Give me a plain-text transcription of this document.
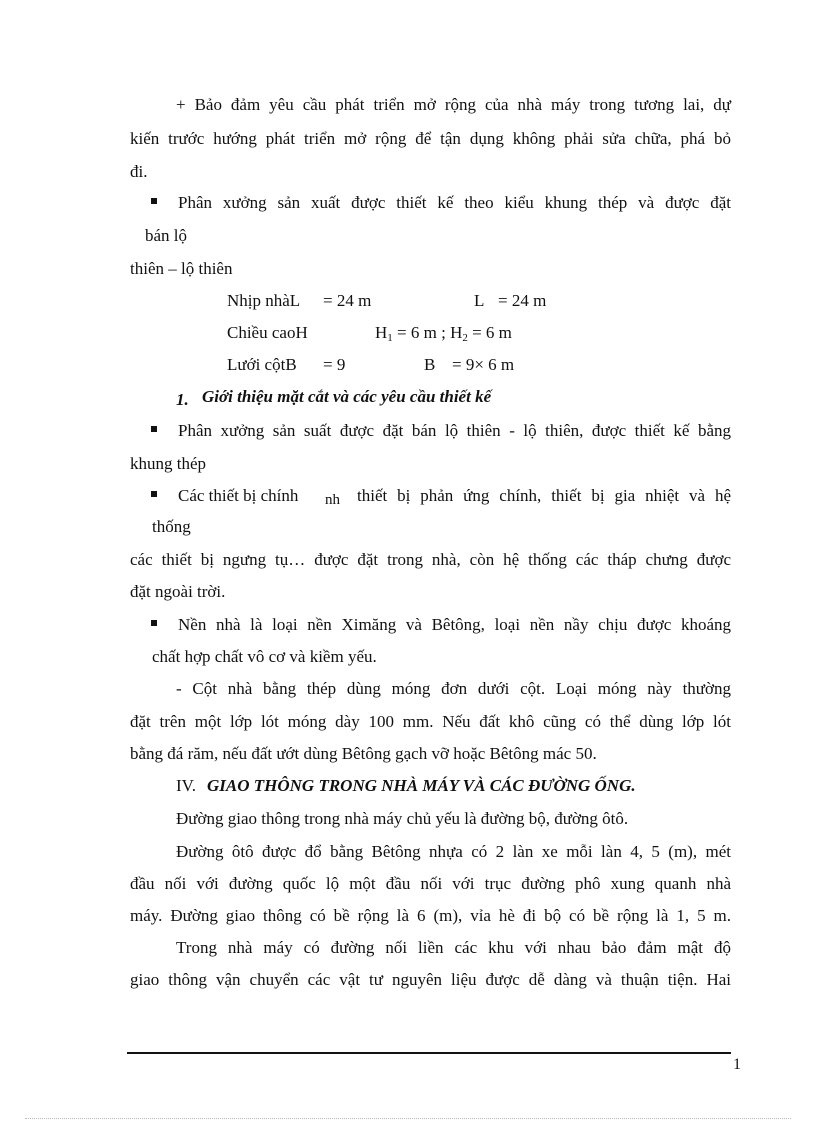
+ Bảo đảm yêu cầu phát triển mở rộng của nhà máy trong tương lai, dự
kiến trước hướng phát triển mở rộng để tận dụng không phải sửa chữa, phá bỏ
đi.
Phân xưởng sản xuất được thiết kế theo kiểu khung thép và được đặt
bán lộ
thiên – lộ thiên
Nhịp nhàL = 24 m	L = 24 m
Chiều caoH	$H_1 = 6$ m ; $H_2 = 6$ m
Lưới cộtB = 9	B = 9× 6 m
1. Giới thiệu mặt cắt và các yêu cầu thiết kế
Phân xưởng sản suất được đặt bán lộ thiên - lộ thiên, được thiết kế bằng
khung thép
Các thiết bị chính nh thiết bị phản ứng chính, thiết bị gia nhiệt và hệ
thống
các thiết bị ngưng tụ… được đặt trong nhà, còn hệ thống các tháp chưng được
đặt ngoài trời.
Nền nhà là loại nền Ximăng và Bêtông, loại nền nầy chịu được khoáng
chất hợp chất vô cơ và kiềm yếu.
- Cột nhà bằng thép dùng móng đơn dưới cột. Loại móng này thường
đặt trên một lớp lót móng dày 100 mm. Nếu đất khô cũng có thể dùng lớp lót
bằng đá răm, nếu đất ướt dùng Bêtông gạch vỡ hoặc Bêtông mác 50.
IV. GIAO THÔNG TRONG NHÀ MÁY VÀ CÁC ĐƯỜNG ỐNG.
Đường giao thông trong nhà máy chủ yếu là đường bộ, đường ôtô.
Đường ôtô được đổ bằng Bêtông nhựa có 2 làn xe mỗi làn 4, 5 (m), mét
đầu nối với đường quốc lộ một đầu nối với trục đường phô xung quanh nhà
máy. Đường giao thông có bề rộng là 6 (m), vỉa hè đi bộ có bề rộng là 1, 5 m.
Trong nhà máy có đường nối liền các khu với nhau bảo đảm mật độ
giao thông vận chuyển các vật tư nguyên liệu được dễ dàng và thuận tiện. Hai
1
